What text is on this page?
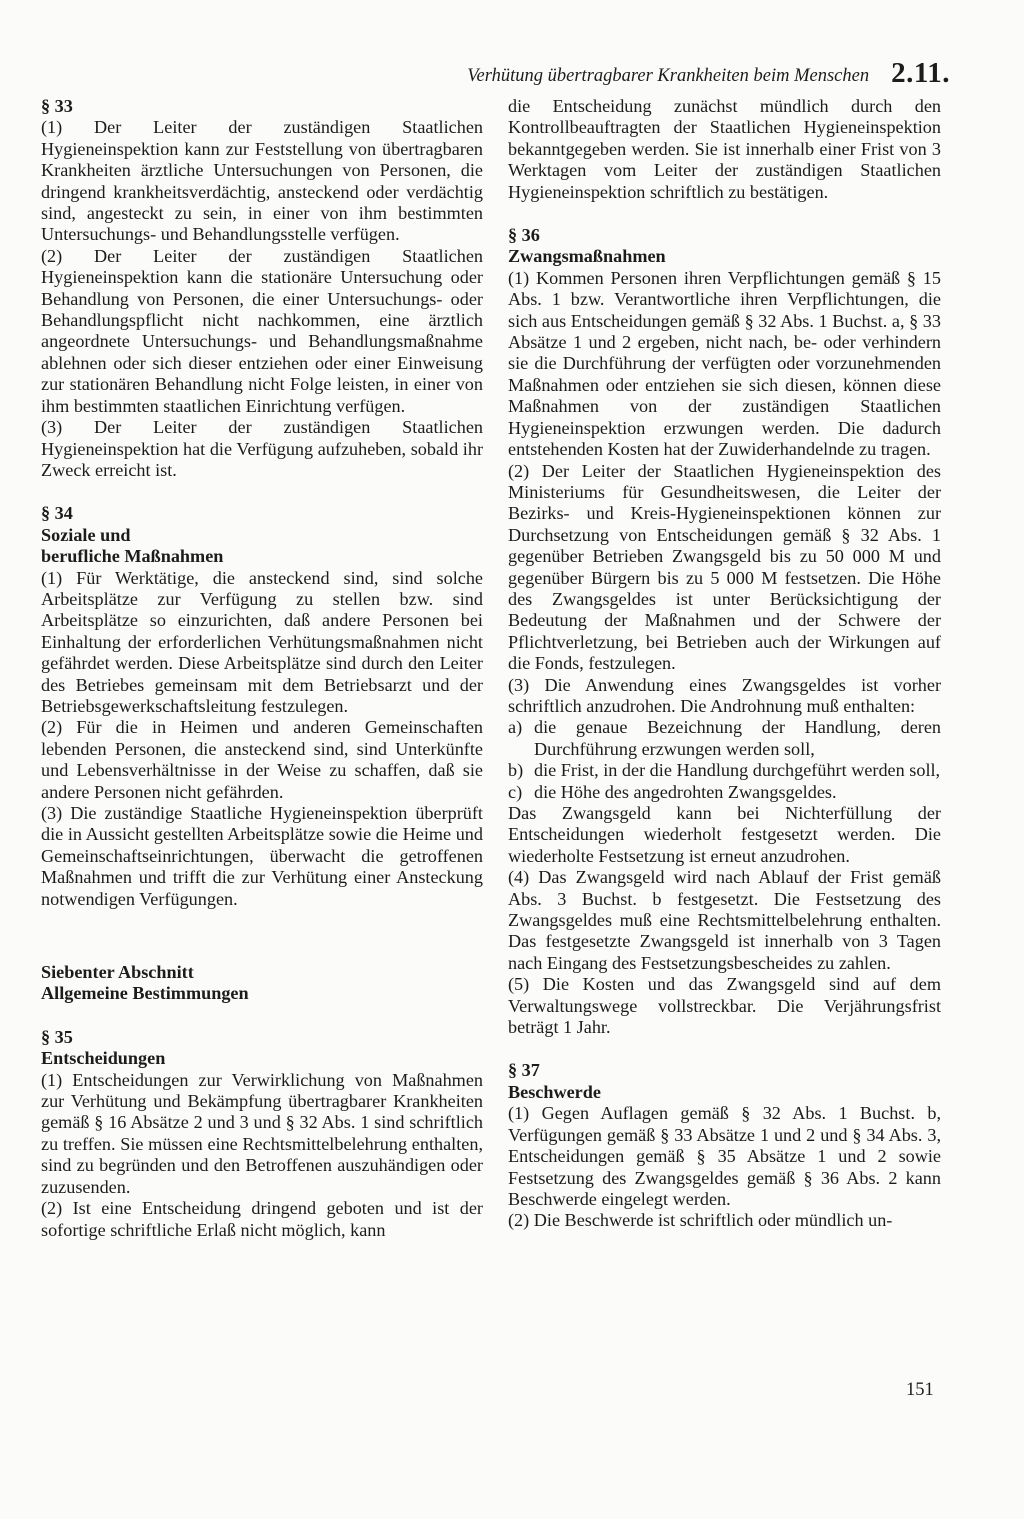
Verhütung übertragbarer Krankheiten beim Menschen 2.11.

§ 33

(1) Der Leiter der zuständigen Staatlichen Hygieneinspektion kann zur Feststellung von übertragbaren Krankheiten ärztliche Untersuchungen von Personen, die dringend krankheitsverdächtig, ansteckend oder verdächtig sind, angesteckt zu sein, in einer von ihm bestimmten Untersuchungs- und Behandlungsstelle verfügen.

(2) Der Leiter der zuständigen Staatlichen Hygieneinspektion kann die stationäre Untersuchung oder Behandlung von Personen, die einer Untersuchungs- oder Behandlungspflicht nicht nachkommen, eine ärztlich angeordnete Untersuchungs- und Behandlungsmaßnahme ablehnen oder sich dieser entziehen oder einer Einweisung zur stationären Behandlung nicht Folge leisten, in einer von ihm bestimmten staatlichen Einrichtung verfügen.

(3) Der Leiter der zuständigen Staatlichen Hygieneinspektion hat die Verfügung aufzuheben, sobald ihr Zweck erreicht ist.

§ 34

Soziale und

berufliche Maßnahmen

(1) Für Werktätige, die ansteckend sind, sind solche Arbeitsplätze zur Verfügung zu stellen bzw. sind Arbeitsplätze so einzurichten, daß andere Personen bei Einhaltung der erforderlichen Verhütungsmaßnahmen nicht gefährdet werden. Diese Arbeitsplätze sind durch den Leiter des Betriebes gemeinsam mit dem Betriebsarzt und der Betriebsgewerkschaftsleitung festzulegen.

(2) Für die in Heimen und anderen Gemeinschaften lebenden Personen, die ansteckend sind, sind Unterkünfte und Lebensverhältnisse in der Weise zu schaffen, daß sie andere Personen nicht gefährden.

(3) Die zuständige Staatliche Hygieneinspektion überprüft die in Aussicht gestellten Arbeitsplätze sowie die Heime und Gemeinschaftseinrichtungen, überwacht die getroffenen Maßnahmen und trifft die zur Verhütung einer Ansteckung notwendigen Verfügungen.

Siebenter Abschnitt

Allgemeine Bestimmungen

§ 35

Entscheidungen

(1) Entscheidungen zur Verwirklichung von Maßnahmen zur Verhütung und Bekämpfung übertragbarer Krankheiten gemäß § 16 Absätze 2 und 3 und § 32 Abs. 1 sind schriftlich zu treffen. Sie müssen eine Rechtsmittelbelehrung enthalten, sind zu begründen und den Betroffenen auszuhändigen oder zuzusenden.

(2) Ist eine Entscheidung dringend geboten und ist der sofortige schriftliche Erlaß nicht möglich, kann

die Entscheidung zunächst mündlich durch den Kontrollbeauftragten der Staatlichen Hygieneinspektion bekanntgegeben werden. Sie ist innerhalb einer Frist von 3 Werktagen vom Leiter der zuständigen Staatlichen Hygieneinspektion schriftlich zu bestätigen.

§ 36

Zwangsmaßnahmen

(1) Kommen Personen ihren Verpflichtungen gemäß § 15 Abs. 1 bzw. Verantwortliche ihren Verpflichtungen, die sich aus Entscheidungen gemäß § 32 Abs. 1 Buchst. a, § 33 Absätze 1 und 2 ergeben, nicht nach, be- oder verhindern sie die Durchführung der verfügten oder vorzunehmenden Maßnahmen oder entziehen sie sich diesen, können diese Maßnahmen von der zuständigen Staatlichen Hygieneinspektion erzwungen werden. Die dadurch entstehenden Kosten hat der Zuwiderhandelnde zu tragen.

(2) Der Leiter der Staatlichen Hygieneinspektion des Ministeriums für Gesundheitswesen, die Leiter der Bezirks- und Kreis-Hygieneinspektionen können zur Durchsetzung von Entscheidungen gemäß § 32 Abs. 1 gegenüber Betrieben Zwangsgeld bis zu 50 000 M und gegenüber Bürgern bis zu 5 000 M festsetzen. Die Höhe des Zwangsgeldes ist unter Berücksichtigung der Bedeutung der Maßnahmen und der Schwere der Pflichtverletzung, bei Betrieben auch der Wirkungen auf die Fonds, festzulegen.

(3) Die Anwendung eines Zwangsgeldes ist vorher schriftlich anzudrohen. Die Androhnung muß enthalten:

a) die genaue Bezeichnung der Handlung, deren Durchführung erzwungen werden soll,
b) die Frist, in der die Handlung durchgeführt werden soll,
c) die Höhe des angedrohten Zwangsgeldes.

Das Zwangsgeld kann bei Nichterfüllung der Entscheidungen wiederholt festgesetzt werden. Die wiederholte Festsetzung ist erneut anzudrohen.

(4) Das Zwangsgeld wird nach Ablauf der Frist gemäß Abs. 3 Buchst. b festgesetzt. Die Festsetzung des Zwangsgeldes muß eine Rechtsmittelbelehrung enthalten. Das festgesetzte Zwangsgeld ist innerhalb von 3 Tagen nach Eingang des Festsetzungsbescheides zu zahlen.

(5) Die Kosten und das Zwangsgeld sind auf dem Verwaltungswege vollstreckbar. Die Verjährungsfrist beträgt 1 Jahr.

§ 37

Beschwerde

(1) Gegen Auflagen gemäß § 32 Abs. 1 Buchst. b, Verfügungen gemäß § 33 Absätze 1 und 2 und § 34 Abs. 3, Entscheidungen gemäß § 35 Absätze 1 und 2 sowie Festsetzung des Zwangsgeldes gemäß § 36 Abs. 2 kann Beschwerde eingelegt werden.

(2) Die Beschwerde ist schriftlich oder mündlich un-

151
